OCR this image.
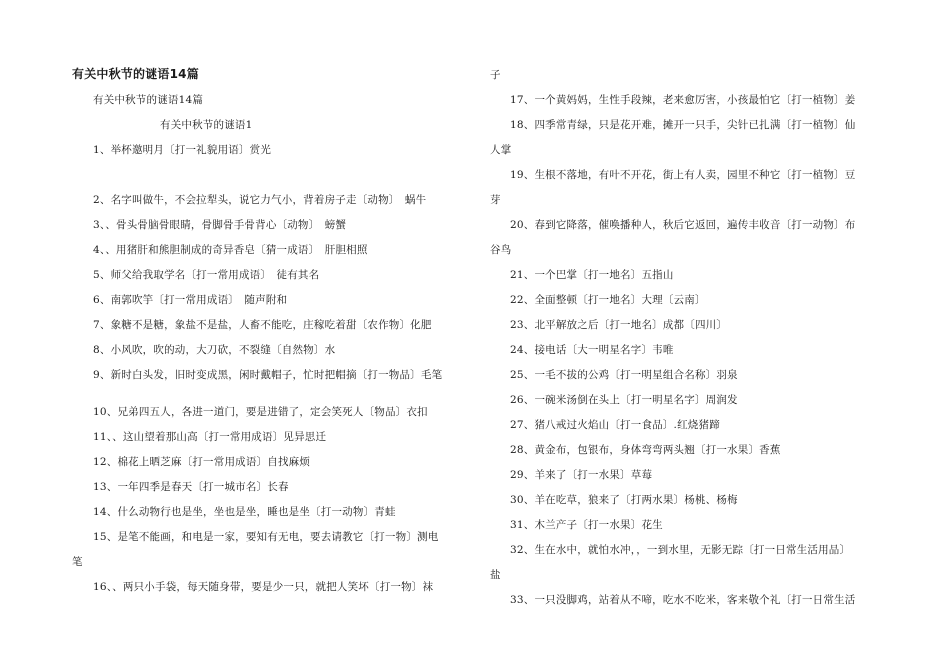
有关中秋节的谜语14篇
有关中秋节的谜语14篇
有关中秋节的谜语1
1、举杯邀明月〔打一礼貌用语〕赏光
2、名字叫做牛，不会拉犁头，说它力气小，背着房子走〔动物〕　蜗牛
3、、骨头骨脑骨眼睛，骨脚骨手骨背心〔动物〕　螃蟹
4、、用猪肝和熊胆制成的奇异香皂〔猜一成语〕　肝胆相照
5、师父给我取学名〔打一常用成语〕　徒有其名
6、南郭吹竽〔打一常用成语〕　随声附和
7、象糖不是糖，象盐不是盐，人畜不能吃，庄稼吃着甜〔农作物〕化肥
8、小风吹，吹的动，大刀砍，不裂缝〔自然物〕水
9、新时白头发，旧时变成黑，闲时戴帽子，忙时把帽摘〔打一物品〕毛笔
10、兄弟四五人，各进一道门，要是进错了，定会笑死人〔物品〕衣扣
11、、这山望着那山高〔打一常用成语〕见异思迁
12、棉花上晒芝麻〔打一常用成语〕自找麻烦
13、一年四季是春天〔打一城市名〕长春
14、什么动物行也是坐，坐也是坐，睡也是坐〔打一动物〕青蛙
15、是笔不能画，和电是一家，要知有无电，要去请教它〔打一物〕测电
笔
16、、两只小手袋，每天随身带，要是少一只，就把人笑坏〔打一物〕袜
子
17、一个黄妈妈，生性手段辣，老来愈厉害，小孩最怕它〔打一植物〕姜
18、四季常青绿，只是花开难，摊开一只手，尖针已扎满〔打一植物〕仙
人掌
19、生根不落地，有叶不开花，街上有人卖，园里不种它〔打一植物〕豆
芽
20、春到它降落，催唤播种人，秋后它返回，遍传丰收音〔打一动物〕布
谷鸟
21、一个巴掌〔打一地名〕五指山
22、全面整顿〔打一地名〕大理〔云南〕
23、北平解放之后〔打一地名〕成都〔四川〕
24、接电话〔大一明星名字〕韦唯
25、一毛不拔的公鸡〔打一明星组合名称〕羽泉
26、一碗米汤倒在头上〔打一明星名字〕周润发
27、猪八戒过火焰山〔打一食品〕.红烧猪蹄
28、黄金布，包银布，身体弯弯两头翘〔打一水果〕香蕉
29、羊来了〔打一水果〕草莓
30、羊在吃草，狼来了〔打两水果〕杨桃、杨梅
31、木兰产子〔打一水果〕花生
32、生在水中，就怕水冲，，一到水里，无影无踪〔打一日常生活用品〕
盐
33、一只没脚鸡，站着从不啼，吃水不吃米，客来敬个礼〔打一日常生活
